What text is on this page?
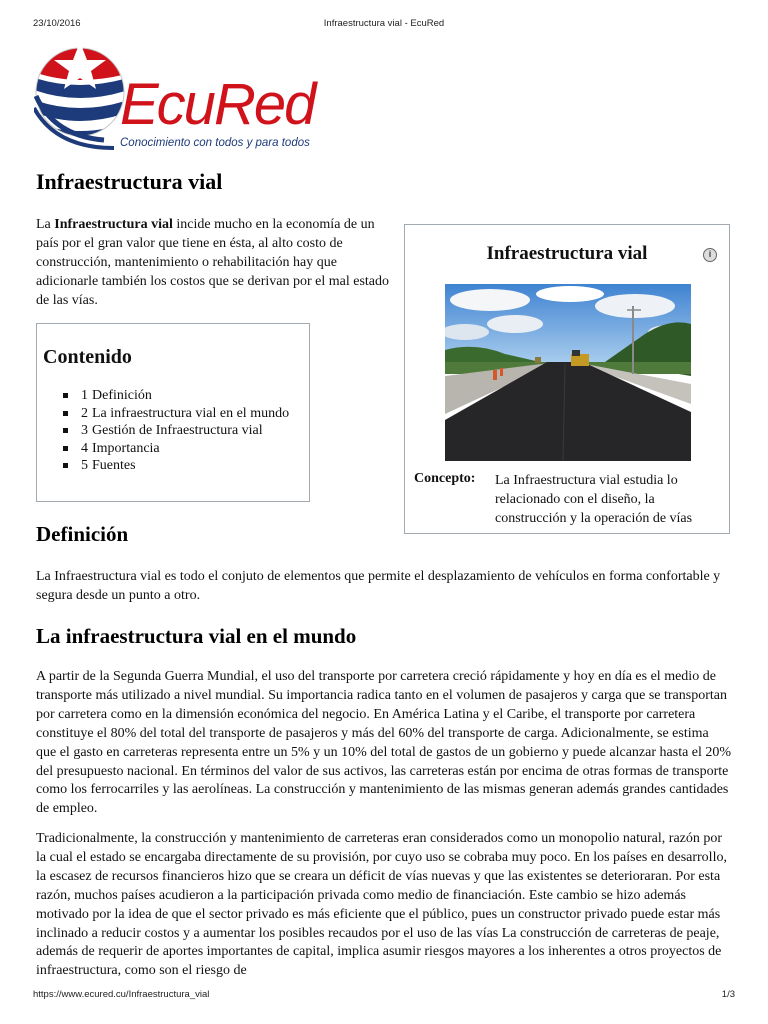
23/10/2016	Infraestructura vial - EcuRed
EcuRed
Conocimiento con todos y para todos
Infraestructura vial

La Infraestructura vial incide mucho en la economía de un país por el gran valor que tiene en ésta, al alto costo de construcción, mantenimiento o rehabilitación hay que adicionarle también los costos que se derivan por el mal estado de las vías.

Contenido
1 Definición
2 La infraestructura vial en el mundo
3 Gestión de Infraestructura vial
4 Importancia
5 Fuentes
Infraestructura vial	i
Concepto: La Infraestructura vial estudia lo relacionado con el diseño, la construcción y la operación de vías
Definición

La Infraestructura vial es todo el conjuto de elementos que permite el desplazamiento de vehículos en forma confortable y segura desde un punto a otro.

La infraestructura vial en el mundo

A partir de la Segunda Guerra Mundial, el uso del transporte por carretera creció rápidamente y hoy en día es el medio de transporte más utilizado a nivel mundial. Su importancia radica tanto en el volumen de pasajeros y carga que se transportan por carretera como en la dimensión económica del negocio. En América Latina y el Caribe, el transporte por carretera constituye el 80% del total del transporte de pasajeros y más del 60% del transporte de carga. Adicionalmente, se estima que el gasto en carreteras representa entre un 5% y un 10% del total de gastos de un gobierno y puede alcanzar hasta el 20% del presupuesto nacional. En términos del valor de sus activos, las carreteras están por encima de otras formas de transporte como los ferrocarriles y las aerolíneas. La construcción y mantenimiento de las mismas generan además grandes cantidades de empleo.

Tradicionalmente, la construcción y mantenimiento de carreteras eran considerados como un monopolio natural, razón por la cual el estado se encargaba directamente de su provisión, por cuyo uso se cobraba muy poco. En los países en desarrollo, la escasez de recursos financieros hizo que se creara un déficit de vías nuevas y que las existentes se deterioraran. Por esta razón, muchos países acudieron a la participación privada como medio de financiación. Este cambio se hizo además motivado por la idea de que el sector privado es más eficiente que el público, pues un constructor privado puede estar más inclinado a reducir costos y a aumentar los posibles recaudos por el uso de las vías La construcción de carreteras de peaje, además de requerir de aportes importantes de capital, implica asumir riesgos mayores a los inherentes a otros proyectos de infraestructura, como son el riesgo de

https://www.ecured.cu/Infraestructura_vial	1/3
